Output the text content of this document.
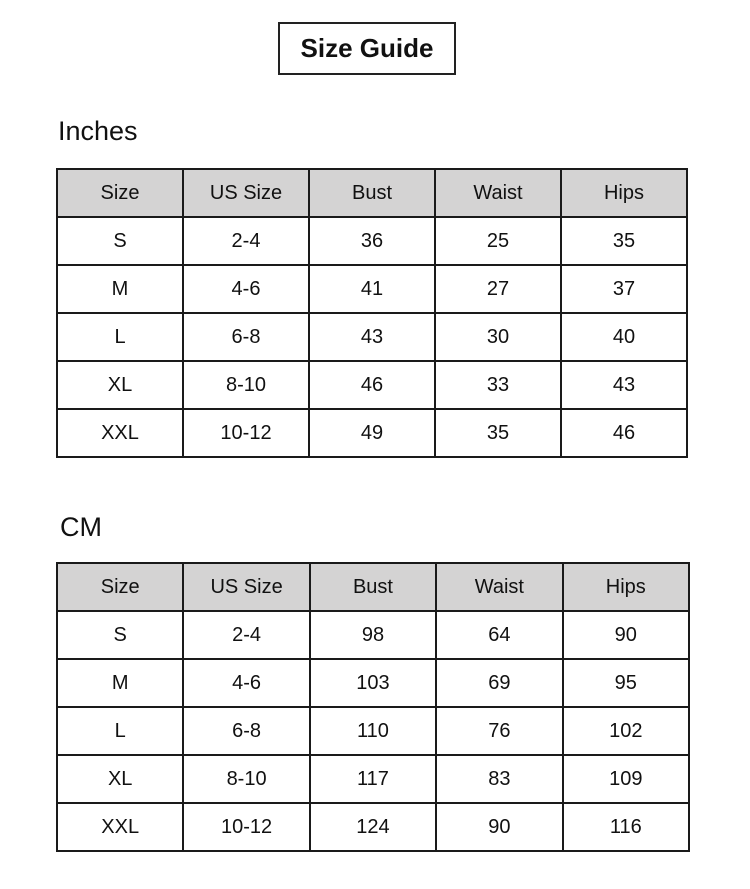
Size Guide
Inches
Size	US Size	Bust	Waist	Hips
S	2-4	36	25	35
M	4-6	41	27	37
L	6-8	43	30	40
XL	8-10	46	33	43
XXL	10-12	49	35	46
CM
Size	US Size	Bust	Waist	Hips
S	2-4	98	64	90
M	4-6	103	69	95
L	6-8	110	76	102
XL	8-10	117	83	109
XXL	10-12	124	90	116
